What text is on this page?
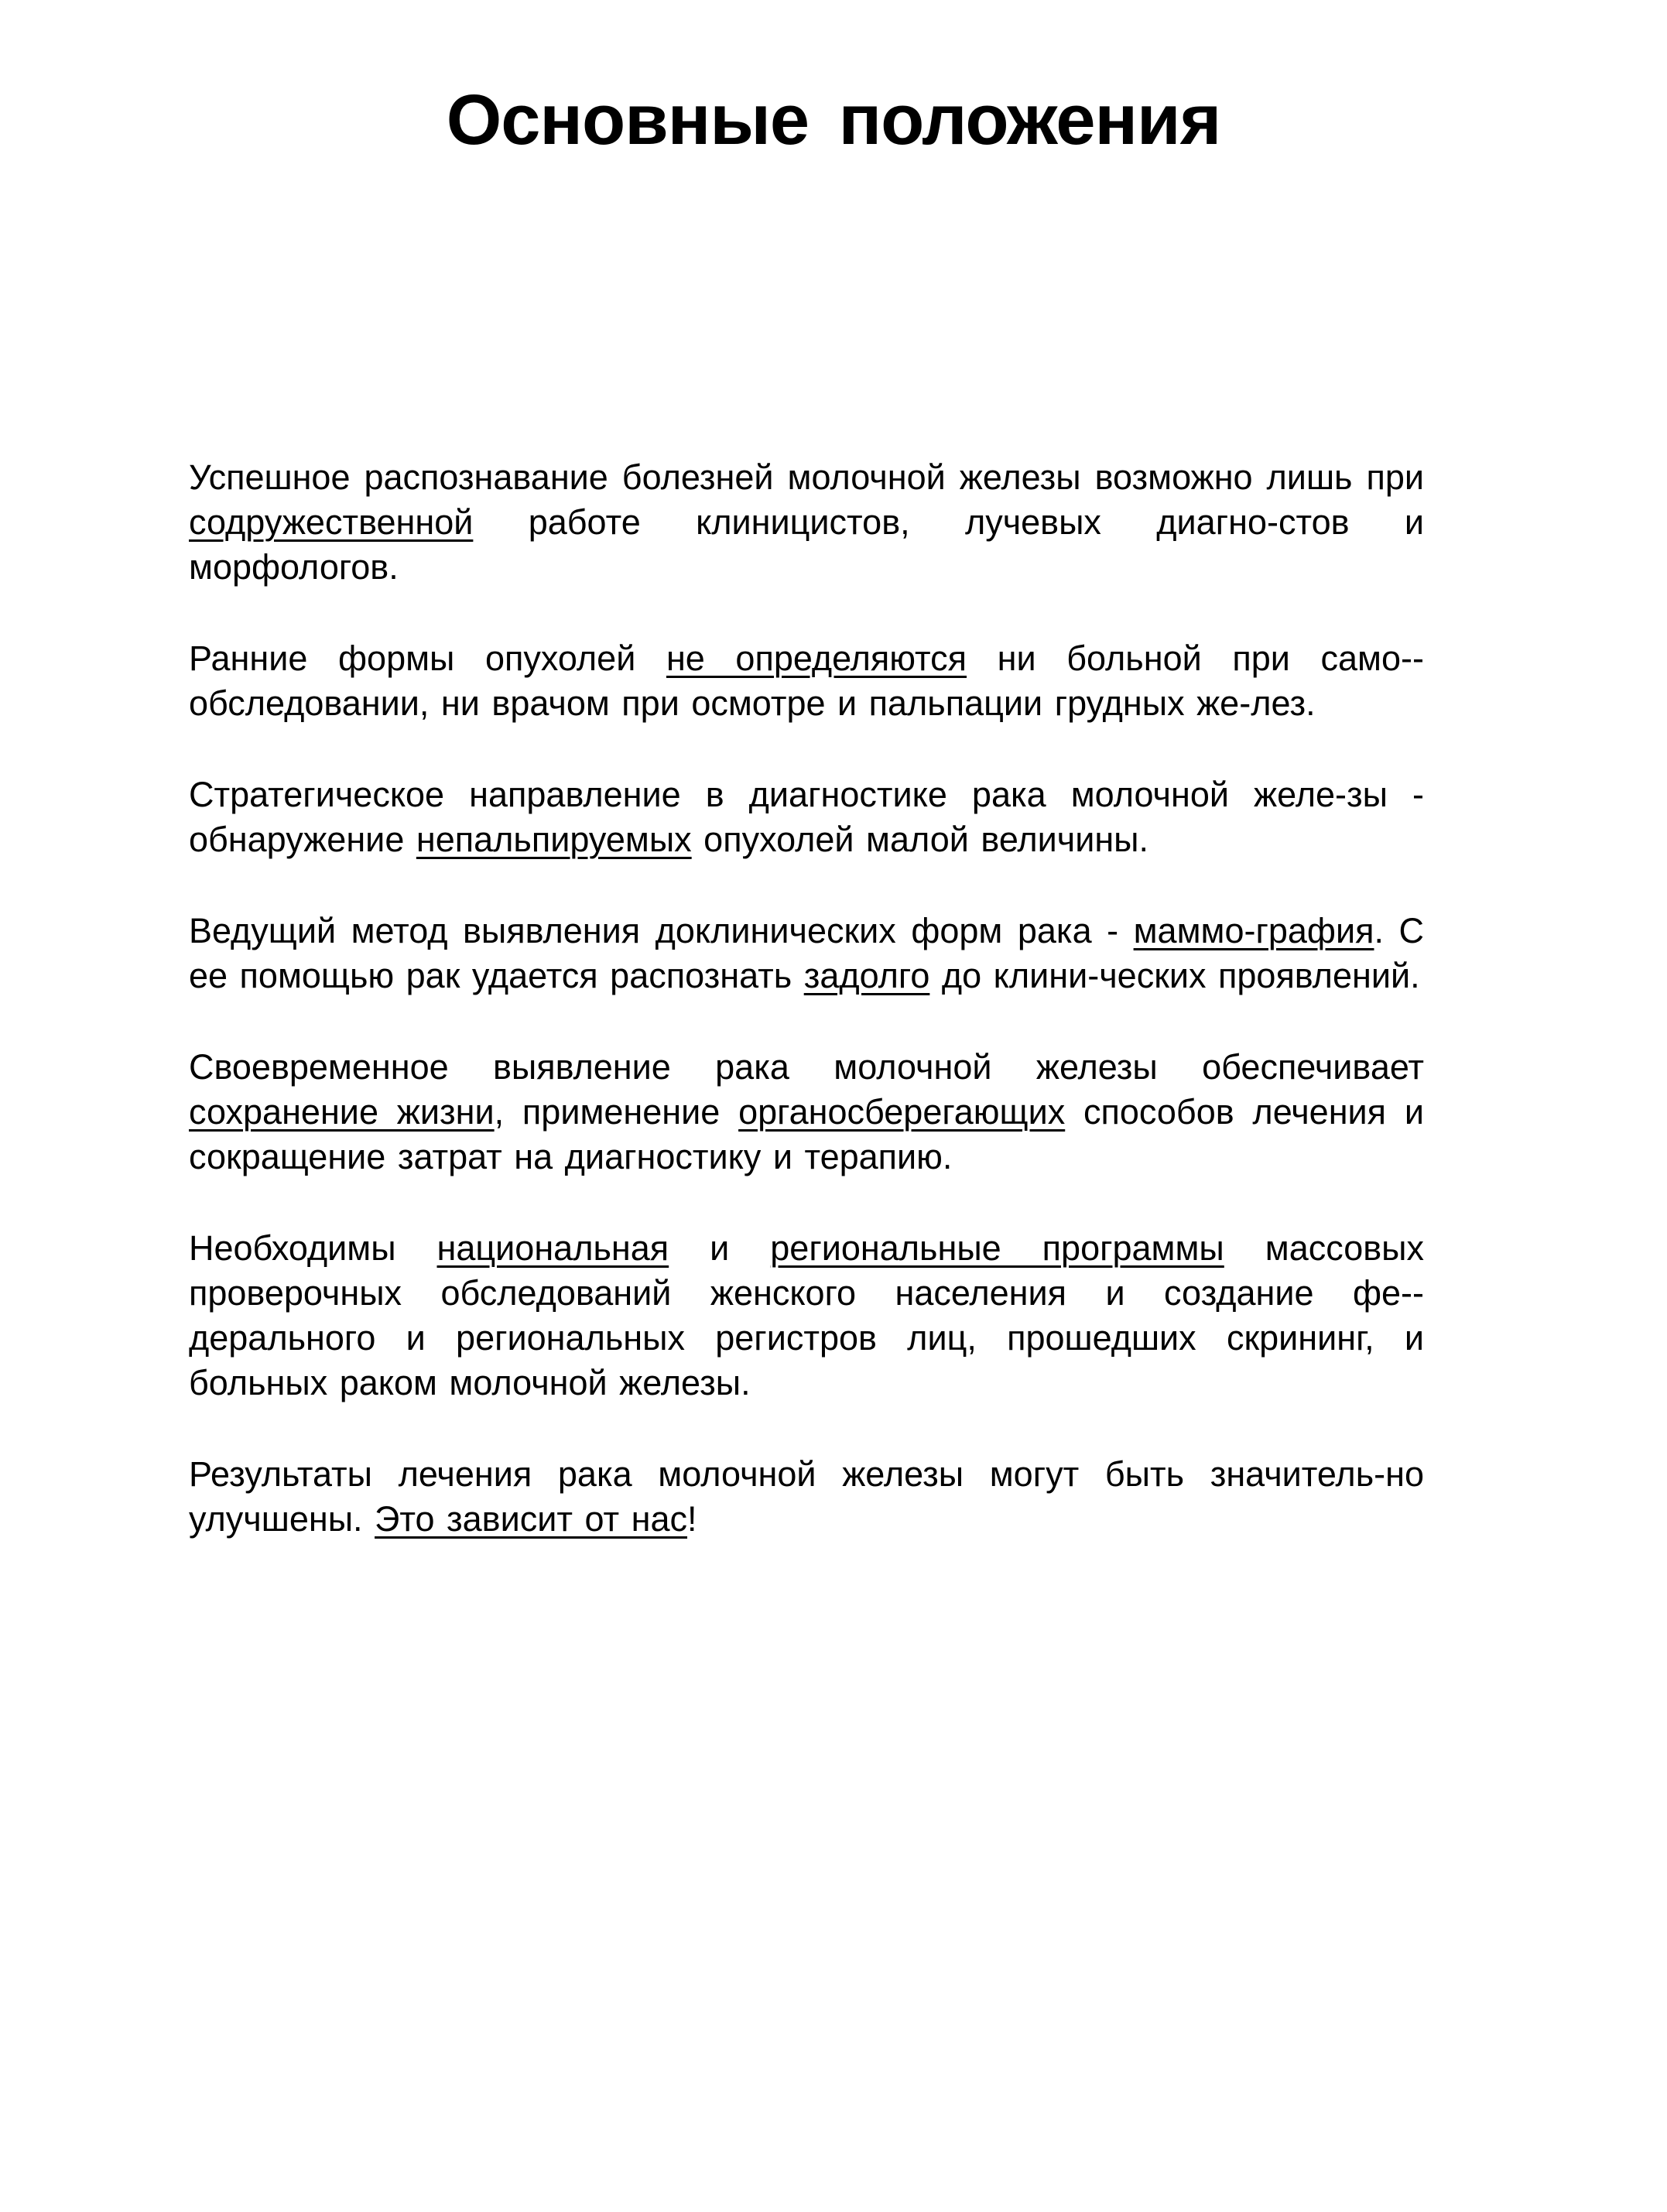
Основные положения

Успешное распознавание болезней молочной железы возможно лишь при содружественной работе клиницистов, лучевых диагно-стов и морфологов.

Ранние формы опухолей не определяются ни больной при само-обследовании, ни врачом при осмотре и пальпации грудных же-лез.

Стратегическое направление в диагностике рака молочной желе-зы - обнаружение непальпируемых опухолей малой величины.

Ведущий метод выявления доклинических форм рака - маммо-графия. С ее помощью рак удается распознать задолго до клини-ческих проявлений.

Своевременное выявление рака молочной железы обеспечивает сохранение жизни, применение органосберегающих способов лечения и сокращение затрат на диагностику и терапию.

Необходимы национальная и региональные программы массовых проверочных обследований женского населения и создание фе-дерального и региональных регистров лиц, прошедших скрининг, и больных раком молочной железы.

Результаты лечения рака молочной железы могут быть значитель-но улучшены. Это зависит от нас!
